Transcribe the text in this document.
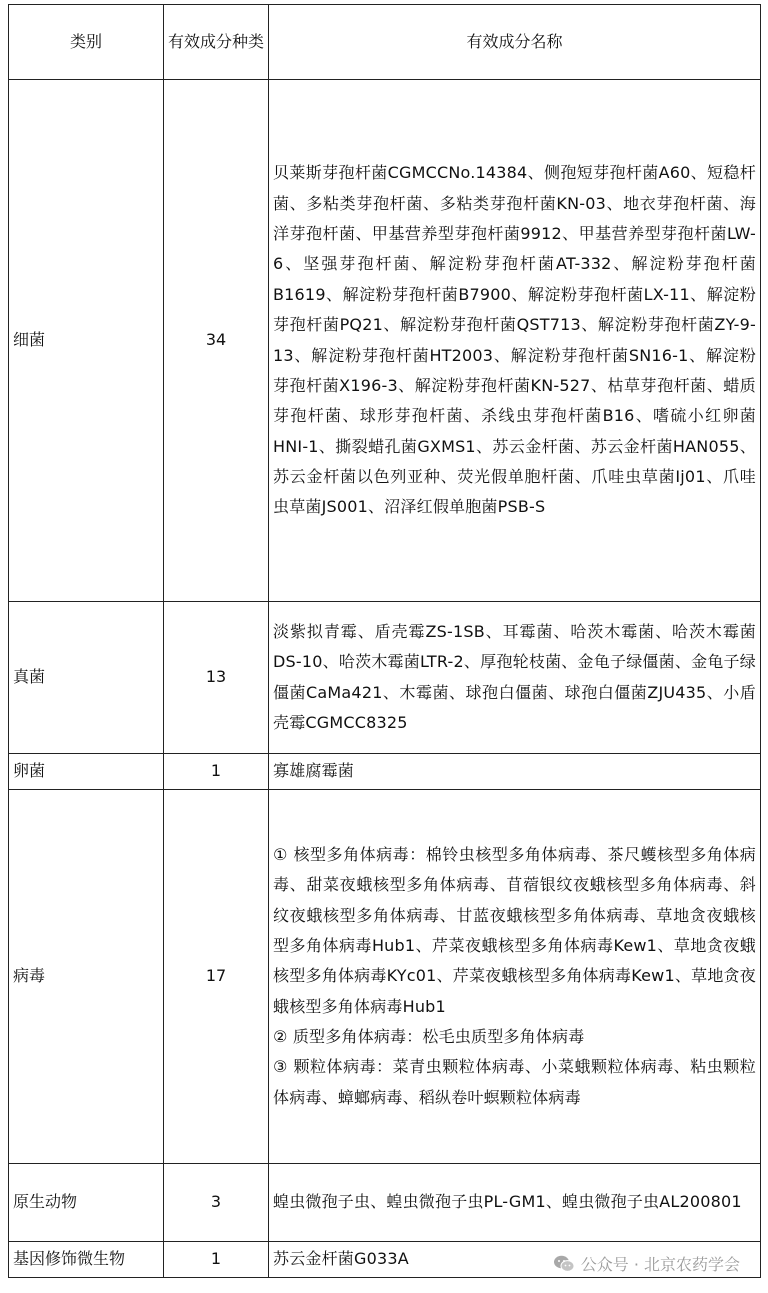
类别	有效成分种类	有效成分名称
细菌	34	贝莱斯芽孢杆菌CGMCCNo.14384、侧孢短芽孢杆菌A60、短稳杆菌、多粘类芽孢杆菌、多粘类芽孢杆菌KN-03、地衣芽孢杆菌、海洋芽孢杆菌、甲基营养型芽孢杆菌9912、甲基营养型芽孢杆菌LW-6、坚强芽孢杆菌、解淀粉芽孢杆菌AT-332、解淀粉芽孢杆菌B1619、解淀粉芽孢杆菌B7900、解淀粉芽孢杆菌LX-11、解淀粉芽孢杆菌PQ21、解淀粉芽孢杆菌QST713、解淀粉芽孢杆菌ZY-9-13、解淀粉芽孢杆菌HT2003、解淀粉芽孢杆菌SN16-1、解淀粉芽孢杆菌X196-3、解淀粉芽孢杆菌KN-527、枯草芽孢杆菌、蜡质芽孢杆菌、球形芽孢杆菌、杀线虫芽孢杆菌B16、嗜硫小红卵菌HNI-1、撕裂蜡孔菌GXMS1、苏云金杆菌、苏云金杆菌HAN055、苏云金杆菌以色列亚种、荧光假单胞杆菌、爪哇虫草菌Ij01、爪哇虫草菌JS001、沼泽红假单胞菌PSB-S
真菌	13	淡紫拟青霉、盾壳霉ZS-1SB、耳霉菌、哈茨木霉菌、哈茨木霉菌DS-10、哈茨木霉菌LTR-2、厚孢轮枝菌、金龟子绿僵菌、金龟子绿僵菌CaMa421、木霉菌、球孢白僵菌、球孢白僵菌ZJU435、小盾壳霉CGMCC8325
卵菌	1	寡雄腐霉菌
病毒	17	① 核型多角体病毒：棉铃虫核型多角体病毒、茶尺蠖核型多角体病毒、甜菜夜蛾核型多角体病毒、苜蓿银纹夜蛾核型多角体病毒、斜纹夜蛾核型多角体病毒、甘蓝夜蛾核型多角体病毒、草地贪夜蛾核型多角体病毒Hub1、芹菜夜蛾核型多角体病毒Kew1、草地贪夜蛾核型多角体病毒KYc01、芹菜夜蛾核型多角体病毒Kew1、草地贪夜蛾核型多角体病毒Hub1
② 质型多角体病毒：松毛虫质型多角体病毒
③ 颗粒体病毒：菜青虫颗粒体病毒、小菜蛾颗粒体病毒、粘虫颗粒体病毒、蟑螂病毒、稻纵卷叶螟颗粒体病毒

原生动物	3	蝗虫微孢子虫、蝗虫微孢子虫PL-GM1、蝗虫微孢子虫AL200801
基因修饰微生物	1	苏云金杆菌G033A	公众号 · 北京农药学会
